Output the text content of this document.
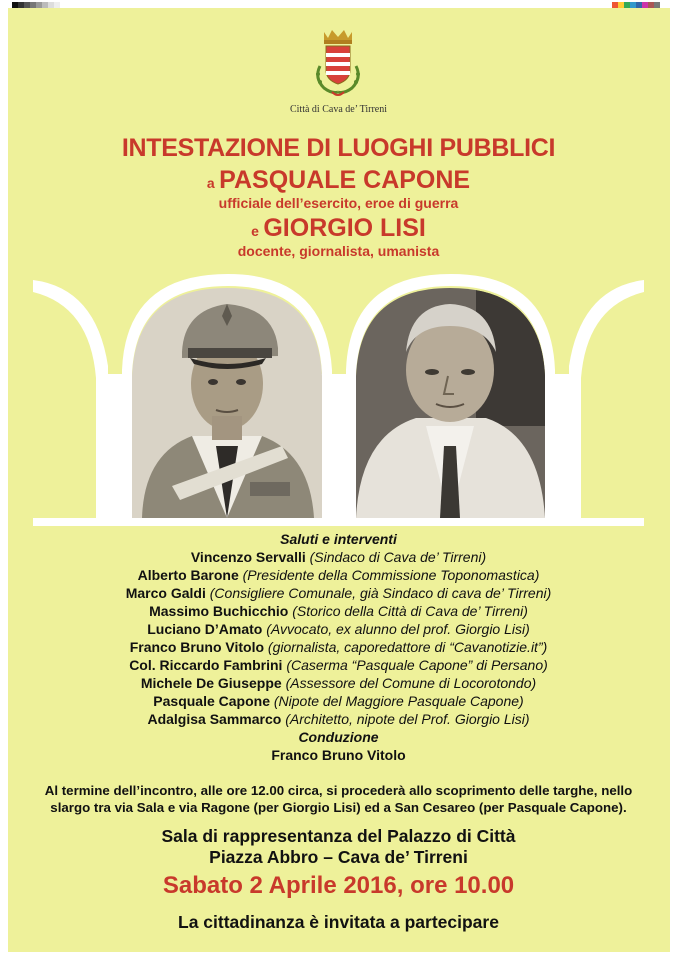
Città di Cava de’ Tirreni
INTESTAZIONE DI LUOGHI PUBBLICI
a PASQUALE CAPONE
ufficiale dell’esercito, eroe di guerra
e GIORGIO LISI
docente, giornalista, umanista
Saluti e interventi
Vincenzo Servalli (Sindaco di Cava de’ Tirreni)
Alberto Barone (Presidente della Commissione Toponomastica)
Marco Galdi (Consigliere Comunale, già Sindaco di cava de’ Tirreni)
Massimo Buchicchio (Storico della Città di Cava de’ Tirreni)
Luciano D’Amato (Avvocato, ex alunno del prof. Giorgio Lisi)
Franco Bruno Vitolo (giornalista, caporedattore di “Cavanotizie.it”)
Col. Riccardo Fambrini (Caserma “Pasquale Capone” di Persano)
Michele De Giuseppe (Assessore del Comune di Locorotondo)
Pasquale Capone (Nipote del Maggiore Pasquale Capone)
Adalgisa Sammarco (Architetto, nipote del Prof. Giorgio Lisi)
Conduzione
Franco Bruno Vitolo
Al termine dell’incontro, alle ore 12.00 circa, si procederà allo scoprimento delle targhe, nello
slargo tra via Sala e via Ragone (per Giorgio Lisi) ed a San Cesareo (per Pasquale Capone).
Sala di rappresentanza del Palazzo di Città
Piazza Abbro – Cava de’ Tirreni
Sabato 2 Aprile 2016, ore 10.00
La cittadinanza è invitata a partecipare
